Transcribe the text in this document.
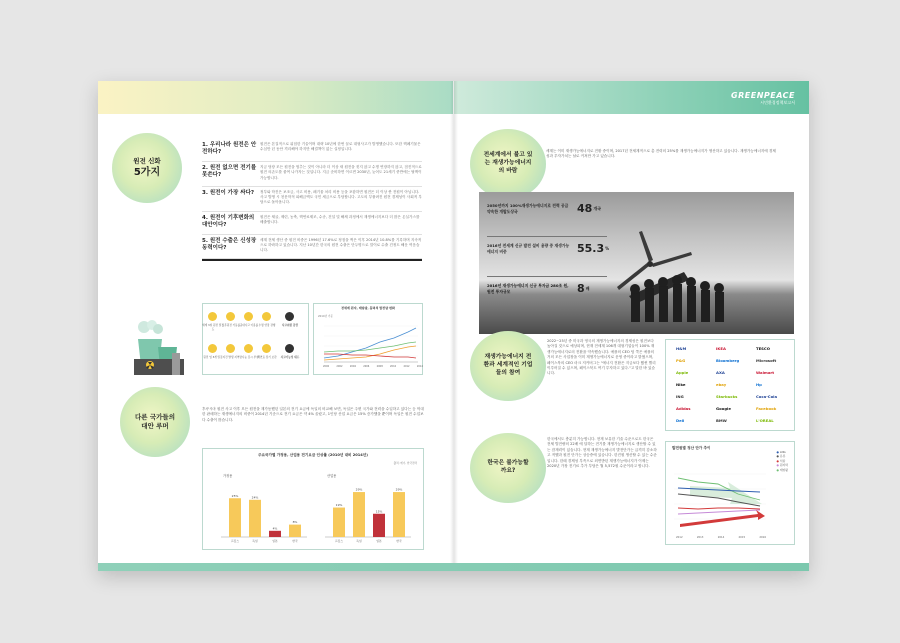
GREENPEACE
시민환경정책보고서
원전 신화
5가지
1. 우리나라 원전은 안전하다?
원전은 본질적으로 위험한 기술이며 대략 10년에 한번 꼴로 대형사고가 발생했습니다. 또한 핵폐기물은 수십만 년 동안 격리해야 하지만 해결책이 없는 실정입니다.
2. 원전 없으면 전기를 못쓴다?
지금 당장 모든 원전을 멈추는 것이 아니라 더 이상 새 원전을 짓지 않고 수명 연장하지 않고, 점진적으로 원전 의존도를 줄여 나가자는 것입니다. 지금 준비하면 이르면 2030년, 늦어도 21세기 중반에는 탈핵이 가능합니다.
3. 원전이 가장 싸다?	정부와 학진은 보조금, 사고 비용, 폐기물 처리 비용 등을 포함하면 원전은 더 이상 싼 전원이 아닙니다. 사고 발생 시 천문학적 피해금액도 국민 세금으로 부담합니다. 고도의 부풀려진 원전 경제성이 사회적 부담으로 돌아옵니다.
4. 원전이 기후변화의 대안이다?
원전은 채굴, 제련, 농축, 핵연료제조, 수송, 건설 및 해체 과정에서 재생에너지보다 더 많은 온실가스를 배출합니다.
5. 원전 수출은 신성장동력이다?
세계 전체 생산 중 원전 비중은 1996년 17.6%로 정점을 찍은 이후 2014년 10.8%를 기록하며 지속적으로 하락하고 있습니다. 지난 10년간 한국의 원전 수출은 단두명으로 말이로 수출 건정도 해운 여음습니다.
세계 3위 원전 밀집도
노후원전 가동률 중대사고 이용률 수명 연장 관행	사고위험 통합
원전 업 3개 밀집 지진 발생 지역 방사능 감시 부실
핵연료 장기 보관	사고가능성 대두
전세계 원자, 태양광, 풍력의 발전량 변화
2010년 기준
2000	2002	2004	2006	2008	2010	2012	2014
다른 국가들의
대안 루머
후쿠시마 원전 사고 이후 모든 원전을 재가동했던 일본의 전기 요금에 독일의 비교해 보면, 독일은 주변 국가와 전력을 수입하고 있다는 등 막대한 판매하는 재생에너지의 비중이 2014년 기준으로 전기 요금은 약 4% 올랐고, 1인당 산업 요금은 15% 증가했을 뿐이며 독일은 원전 수업보다 수출이 많습니다.
주요국가별 가정용, 산업용 전기요금 인상률 (2010년 대비 2014년)
출처: 에너, 한국전력
가정용
25%
프랑스
24%
독일
4%
일본
8%
한국
산업용
19%
프랑스
29%
독일
15%
일본
29%
한국
전세계에서 불고 있는 재생가능에너지의 바람
세계는 이미 재생가능에너지로 전환 중이며, 2017년 전세계적으로 총 전력의 25%를 재생가능에너지가 생산하고 있습니다. 재생가능에너지에 경제성과 투자가치는 날로 커져만 가고 있습니다.
2050년까지 100%재생가능에너지로 전력 공급 약속한 개발도상국	48 개국
2016년 전세계 신규 발전 설비 용량 중 재생가능에너지 비중	55.3 %
2016년 재생가능에너지 신규 투자금 280조 원, 원전 투자규모	8 배
재생가능에너지 전환과 세계적인 기업들의 참여
2022~25년 중 미국과 영국의 재생가능에너지의 경제성은 원전보다 높아질 것으로 예상되며, 현재 전세계 106개 대형기업들이 100% 재생가능에너지로의 전환을 약속했습니다. 애플의 CEO 팀 쿡은 애플의 거의 모든 사업장을 이미 재생가능에너지로 운영 중이라고 밝혔으며, 페이스북의 CEO 마크 저커버그는 "에너지 전환은 지금보다 훨씬 빨리 이루어질 수 있으며, 페이스북도 여기 투자하고 있다."고 말한 바 있습니다.
H&M	IKEA	TESCO
P&G	Bloomberg	Microsoft
Apple	AXA	Walmart
Nike	ebay	Hp
ING	Starbucks	Coca-Cola
Adidas	Google	Facebook
Dell	BMW	L'OREAL
한국은 불가능할까요?
한국에서도 충분히 가능합니다. 현재 보유한 기술 수준으로도 한국은 전체 발전량의 22배 에 달하는 전기를 재생가능에너지로 생산할 수 있는 잠재력이 있습니다. 현재 재생가능에너지 발전단가는 급격히 감소하고 적했과 원전 단가는 상승중에 있습니다. 한진원 생산할 수 있는 수준입니다. 한때 경제성 부족으로 외면받던 재생가능에너지가 이제는 2020년 가장 전기료 추가 부담은 월 5,572원 수준이라고 합니다.
발전원별 정산 단가 추이
● LNG
● 유류
● 석탄
● 원자력
● 태양광
2012	2013	2014	2015	2016
